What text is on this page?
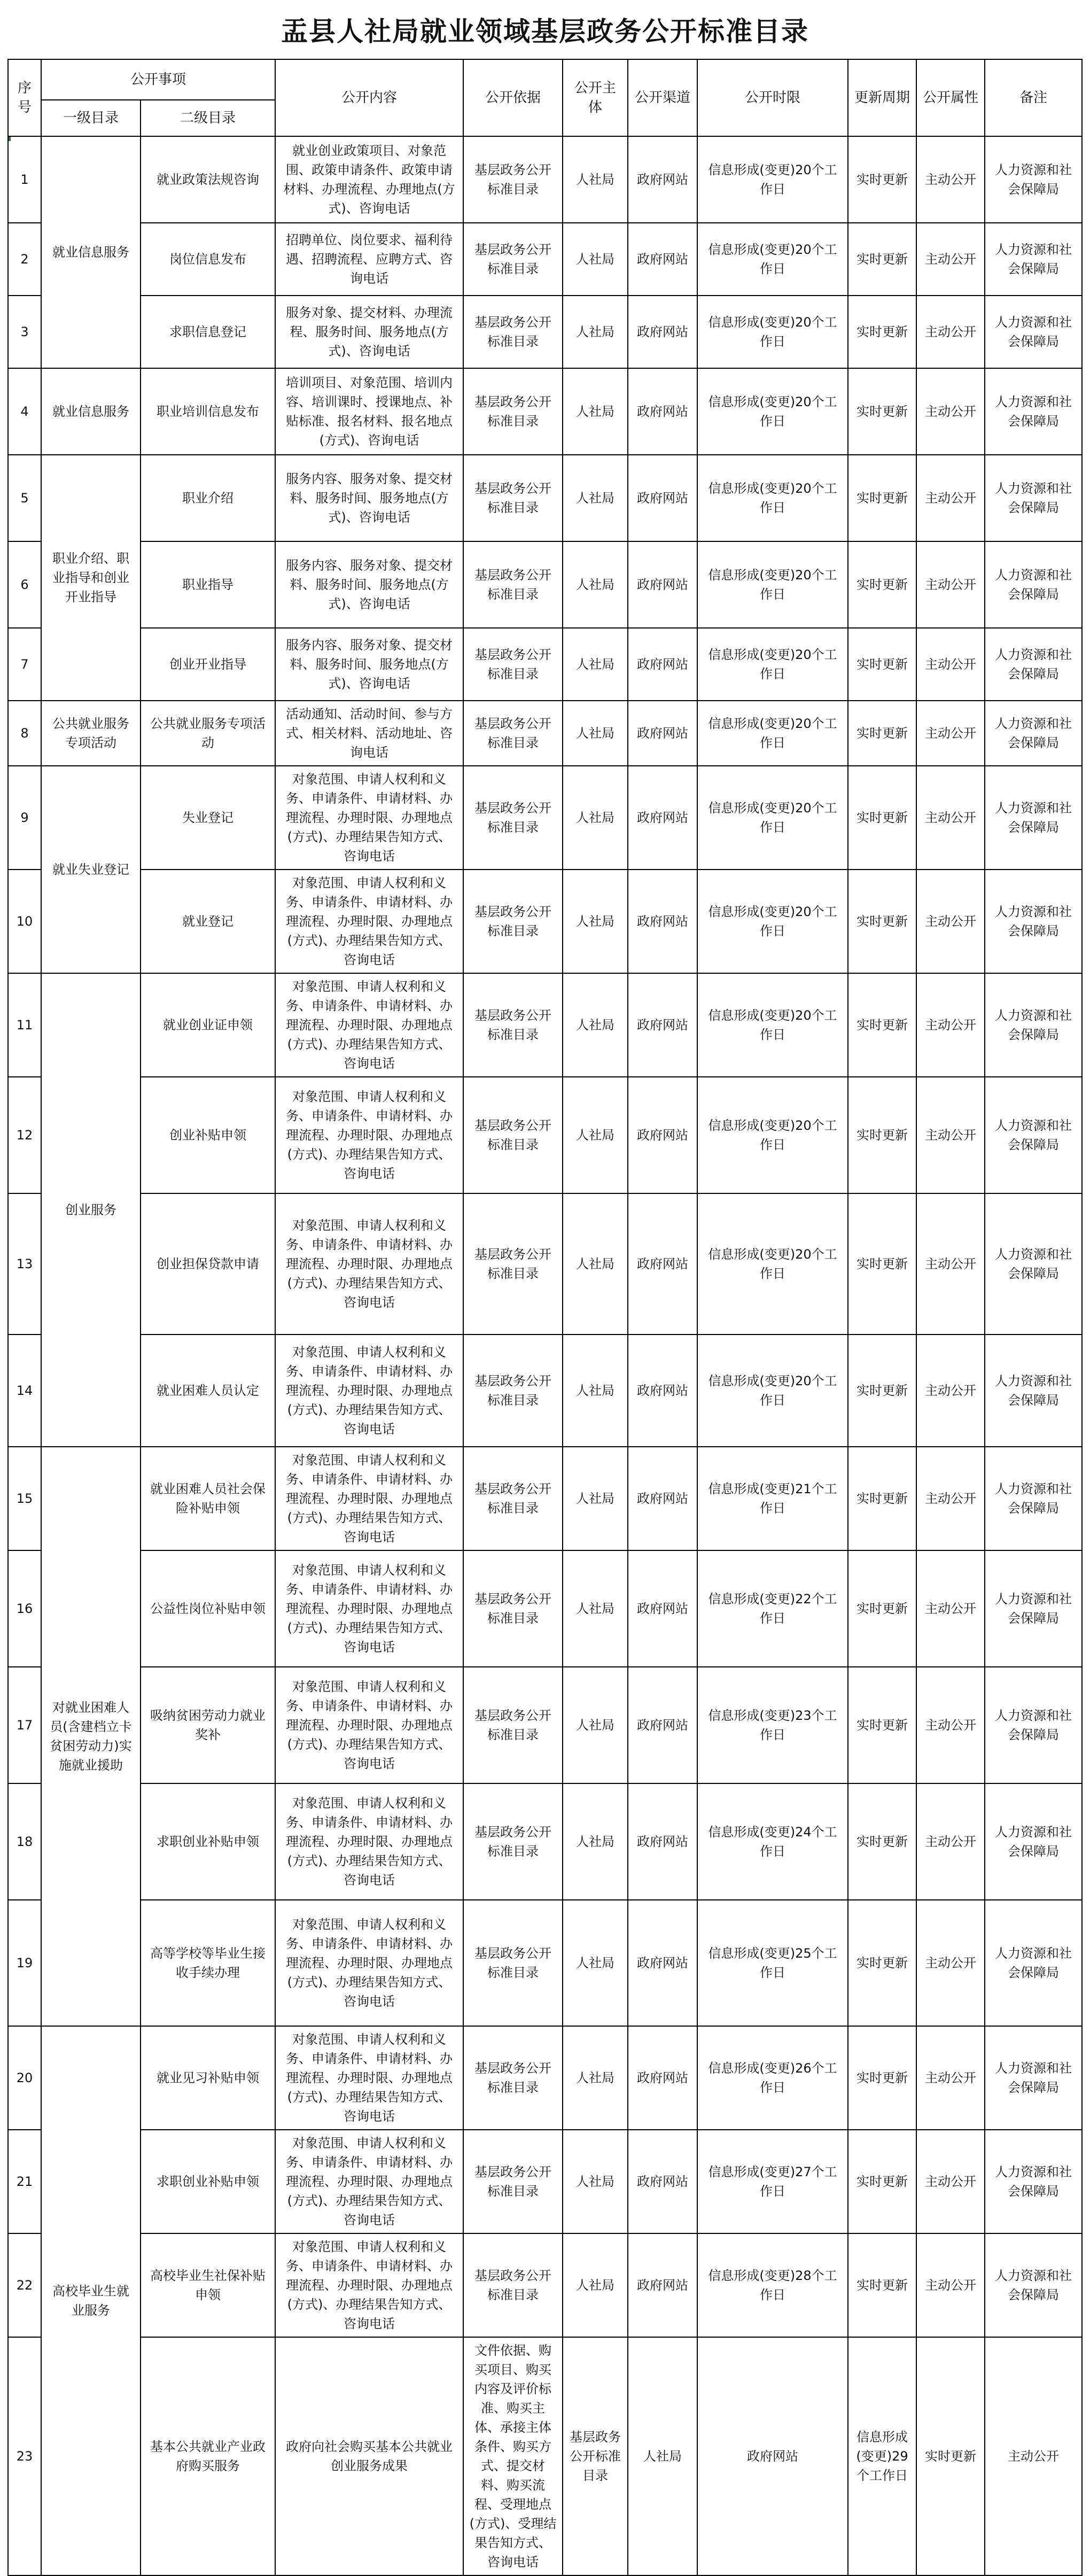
盂县人社局就业领域基层政务公开标准目录
序号	公开事项		公开内容	公开依据	公开主体	公开渠道	公开时限	更新周期	公开属性	备注	
	一级目录	二级目录									
1	就业信息服务	就业政策法规咨询	就业创业政策项目、对象范围、政策申请条件、政策申请材料、办理流程、办理地点(方式)、咨询电话	基层政务公开标准目录	人社局	政府网站	信息形成(变更)20个工作日	实时更新	主动公开	人力资源和社会保障局	
2		岗位信息发布	招聘单位、岗位要求、福利待遇、招聘流程、应聘方式、咨询电话	基层政务公开标准目录	人社局	政府网站	信息形成(变更)20个工作日	实时更新	主动公开	人力资源和社会保障局	
3		求职信息登记	服务对象、提交材料、办理流程、服务时间、服务地点(方式)、咨询电话	基层政务公开标准目录	人社局	政府网站	信息形成(变更)20个工作日	实时更新	主动公开	人力资源和社会保障局	
4	就业信息服务	职业培训信息发布	培训项目、对象范围、培训内容、培训课时、授课地点、补贴标准、报名材料、报名地点(方式)、咨询电话	基层政务公开标准目录	人社局	政府网站	信息形成(变更)20个工作日	实时更新	主动公开	人力资源和社会保障局	
5	职业介绍、职业指导和创业开业指导	职业介绍	服务内容、服务对象、提交材料、服务时间、服务地点(方式)、咨询电话	基层政务公开标准目录	人社局	政府网站	信息形成(变更)20个工作日	实时更新	主动公开	人力资源和社会保障局	
6		职业指导	服务内容、服务对象、提交材料、服务时间、服务地点(方式)、咨询电话	基层政务公开标准目录	人社局	政府网站	信息形成(变更)20个工作日	实时更新	主动公开	人力资源和社会保障局	
7		创业开业指导	服务内容、服务对象、提交材料、服务时间、服务地点(方式)、咨询电话	基层政务公开标准目录	人社局	政府网站	信息形成(变更)20个工作日	实时更新	主动公开	人力资源和社会保障局	
8	公共就业服务专项活动	公共就业服务专项活动	活动通知、活动时间、参与方式、相关材料、活动地址、咨询电话	基层政务公开标准目录	人社局	政府网站	信息形成(变更)20个工作日	实时更新	主动公开	人力资源和社会保障局	
9	就业失业登记	失业登记	对象范围、申请人权利和义务、申请条件、申请材料、办理流程、办理时限、办理地点(方式)、办理结果告知方式、咨询电话	基层政务公开标准目录	人社局	政府网站	信息形成(变更)20个工作日	实时更新	主动公开	人力资源和社会保障局	
10		就业登记	对象范围、申请人权利和义务、申请条件、申请材料、办理流程、办理时限、办理地点(方式)、办理结果告知方式、咨询电话	基层政务公开标准目录	人社局	政府网站	信息形成(变更)20个工作日	实时更新	主动公开	人力资源和社会保障局	
11	创业服务	就业创业证申领	对象范围、申请人权利和义务、申请条件、申请材料、办理流程、办理时限、办理地点(方式)、办理结果告知方式、咨询电话	基层政务公开标准目录	人社局	政府网站	信息形成(变更)20个工作日	实时更新	主动公开	人力资源和社会保障局	
12		创业补贴申领	对象范围、申请人权利和义务、申请条件、申请材料、办理流程、办理时限、办理地点(方式)、办理结果告知方式、咨询电话	基层政务公开标准目录	人社局	政府网站	信息形成(变更)20个工作日	实时更新	主动公开	人力资源和社会保障局	
13		创业担保贷款申请	对象范围、申请人权利和义务、申请条件、申请材料、办理流程、办理时限、办理地点(方式)、办理结果告知方式、咨询电话	基层政务公开标准目录	人社局	政府网站	信息形成(变更)20个工作日	实时更新	主动公开	人力资源和社会保障局	
14		就业困难人员认定	对象范围、申请人权利和义务、申请条件、申请材料、办理流程、办理时限、办理地点(方式)、办理结果告知方式、咨询电话	基层政务公开标准目录	人社局	政府网站	信息形成(变更)20个工作日	实时更新	主动公开	人力资源和社会保障局	
15	对就业困难人员(含建档立卡贫困劳动力)实施就业援助	就业困难人员社会保险补贴申领	对象范围、申请人权利和义务、申请条件、申请材料、办理流程、办理时限、办理地点(方式)、办理结果告知方式、咨询电话	基层政务公开标准目录	人社局	政府网站	信息形成(变更)21个工作日	实时更新	主动公开	人力资源和社会保障局	
16		公益性岗位补贴申领	对象范围、申请人权利和义务、申请条件、申请材料、办理流程、办理时限、办理地点(方式)、办理结果告知方式、咨询电话	基层政务公开标准目录	人社局	政府网站	信息形成(变更)22个工作日	实时更新	主动公开	人力资源和社会保障局	
17		吸纳贫困劳动力就业奖补	对象范围、申请人权利和义务、申请条件、申请材料、办理流程、办理时限、办理地点(方式)、办理结果告知方式、咨询电话	基层政务公开标准目录	人社局	政府网站	信息形成(变更)23个工作日	实时更新	主动公开	人力资源和社会保障局	
18		求职创业补贴申领	对象范围、申请人权利和义务、申请条件、申请材料、办理流程、办理时限、办理地点(方式)、办理结果告知方式、咨询电话	基层政务公开标准目录	人社局	政府网站	信息形成(变更)24个工作日	实时更新	主动公开	人力资源和社会保障局	
19		高等学校等毕业生接收手续办理	对象范围、申请人权利和义务、申请条件、申请材料、办理流程、办理时限、办理地点(方式)、办理结果告知方式、咨询电话	基层政务公开标准目录	人社局	政府网站	信息形成(变更)25个工作日	实时更新	主动公开	人力资源和社会保障局	
20	高校毕业生就业服务	就业见习补贴申领	对象范围、申请人权利和义务、申请条件、申请材料、办理流程、办理时限、办理地点(方式)、办理结果告知方式、咨询电话	基层政务公开标准目录	人社局	政府网站	信息形成(变更)26个工作日	实时更新	主动公开	人力资源和社会保障局	
21		求职创业补贴申领	对象范围、申请人权利和义务、申请条件、申请材料、办理流程、办理时限、办理地点(方式)、办理结果告知方式、咨询电话	基层政务公开标准目录	人社局	政府网站	信息形成(变更)27个工作日	实时更新	主动公开	人力资源和社会保障局	
22		高校毕业生社保补贴申领	对象范围、申请人权利和义务、申请条件、申请材料、办理流程、办理时限、办理地点(方式)、办理结果告知方式、咨询电话	基层政务公开标准目录	人社局	政府网站	信息形成(变更)28个工作日	实时更新	主动公开	人力资源和社会保障局	
23		基本公共就业产业政府购买服务	政府向社会购买基本公共就业创业服务成果	文件依据、购买项目、购买内容及评价标准、购买主体、承接主体条件、购买方式、提交材料、购买流程、受理地点(方式)、受理结果告知方式、咨询电话	基层政务公开标准目录	人社局	政府网站	信息形成(变更)29个工作日	实时更新	主动公开	
